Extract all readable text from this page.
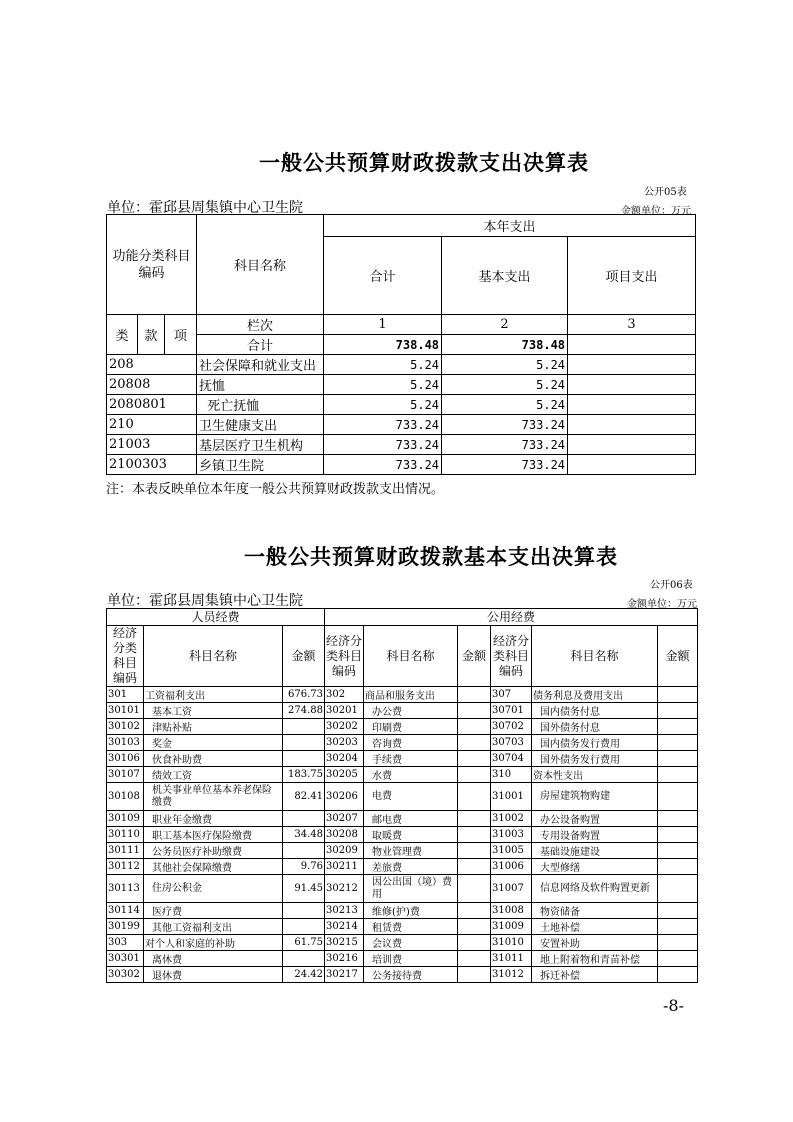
一般公共预算财政拨款支出决算表
公开05表
单位：霍邱县周集镇中心卫生院	金额单位：万元
功能分类科目编码			科目名称	本年支出		
				合计	基本支出	项目支出
类	款	项	栏次	1	2	3
			合计	738.48	738.48	
208			社会保障和就业支出	5.24	5.24	
20808			抚恤	5.24	5.24	
2080801			死亡抚恤	5.24	5.24	
210			卫生健康支出	733.24	733.24	
21003			基层医疗卫生机构	733.24	733.24	
2100303			乡镇卫生院	733.24	733.24	
注：本表反映单位本年度一般公共预算财政拨款支出情况。
一般公共预算财政拨款基本支出决算表
公开06表
单位：霍邱县周集镇中心卫生院	金额单位：万元
人员经费			公用经费					
经济分类科目编码	科目名称	金额	经济分类科目编码	科目名称	金额	经济分类科目编码	科目名称	金额
301	工资福利支出	676.73	302	商品和服务支出		307	债务利息及费用支出	
30101	基本工资	274.88	30201	办公费		30701	国内债务付息	
30102	津贴补贴		30202	印刷费		30702	国外债务付息	
30103	奖金		30203	咨询费		30703	国内债务发行费用	
30106	伙食补助费		30204	手续费		30704	国外债务发行费用	
30107	绩效工资	183.75	30205	水费		310	资本性支出	
30108	机关事业单位基本养老保险缴费	82.41	30206	电费		31001	房屋建筑物购建	
30109	职业年金缴费		30207	邮电费		31002	办公设备购置	
30110	职工基本医疗保险缴费	34.48	30208	取暖费		31003	专用设备购置	
30111	公务员医疗补助缴费		30209	物业管理费		31005	基础设施建设	
30112	其他社会保障缴费	9.76	30211	差旅费		31006	大型修缮	
30113	住房公积金	91.45	30212	因公出国（境）费用		31007	信息网络及软件购置更新	
30114	医疗费		30213	维修(护)费		31008	物资储备	
30199	其他工资福利支出		30214	租赁费		31009	土地补偿	
303	对个人和家庭的补助	61.75	30215	会议费		31010	安置补助	
30301	离休费		30216	培训费		31011	地上附着物和青苗补偿	
30302	退休费	24.42	30217	公务接待费		31012	拆迁补偿	
-8-
